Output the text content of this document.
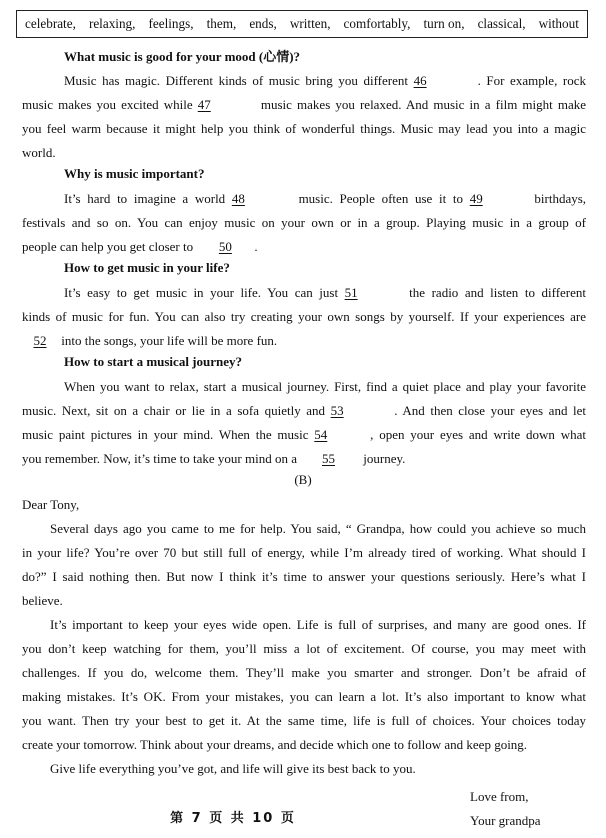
celebrate, relaxing, feelings, them, ends, written, comfortably, turn on, classical, without
What music is good for your mood (心情)?
Music has magic. Different kinds of music bring you different 46	. For example, rock
music makes you excited while 47	music makes you relaxed. And music in a film might make
you feel warm because it might help you think of wonderful things. Music may lead you into a magic
world.
Why is music important?
It’s hard to imagine a world 48	music. People often use it to 49	birthdays,
festivals and so on. You can enjoy music on your own or in a group. Playing music in a group of
people can help you get closer to 50 .
How to get music in your life?
It’s easy to get music in your life. You can just 51	the radio and listen to different
kinds of music for fun. You can also try creating your own songs by yourself. If your experiences are
52 into the songs, your life will be more fun.
How to start a musical journey?
When you want to relax, start a musical journey. First, find a quiet place and play your favorite
music. Next, sit on a chair or lie in a sofa quietly and 53	. And then close your eyes and let
music paint pictures in your mind. When the music 54	, open your eyes and write down what
you remember. Now, it’s time to take your mind on a 55 journey.
(B)
Dear Tony,
Several days ago you came to me for help. You said, “ Grandpa, how could you achieve so much
in your life? You’re over 70 but still full of energy, while I’m already tired of working. What should I
do?” I said nothing then. But now I think it’s time to answer your questions seriously. Here’s what I
believe.
It’s important to keep your eyes wide open. Life is full of surprises, and many are good ones. If
you don’t keep watching for them, you’ll miss a lot of excitement. Of course, you may meet with
challenges. If you do, welcome them. They’ll make you smarter and stronger. Don’t be afraid of
making mistakes. It’s OK. From your mistakes, you can learn a lot. It’s also important to know what
you want. Then try your best to get it. At the same time, life is full of choices. Your choices today
create your tomorrow. Think about your dreams, and decide which one to follow and keep going.
Give life everything you’ve got, and life will give its best back to you.
Love from,
Your grandpa
第 7 页 共 10 页
